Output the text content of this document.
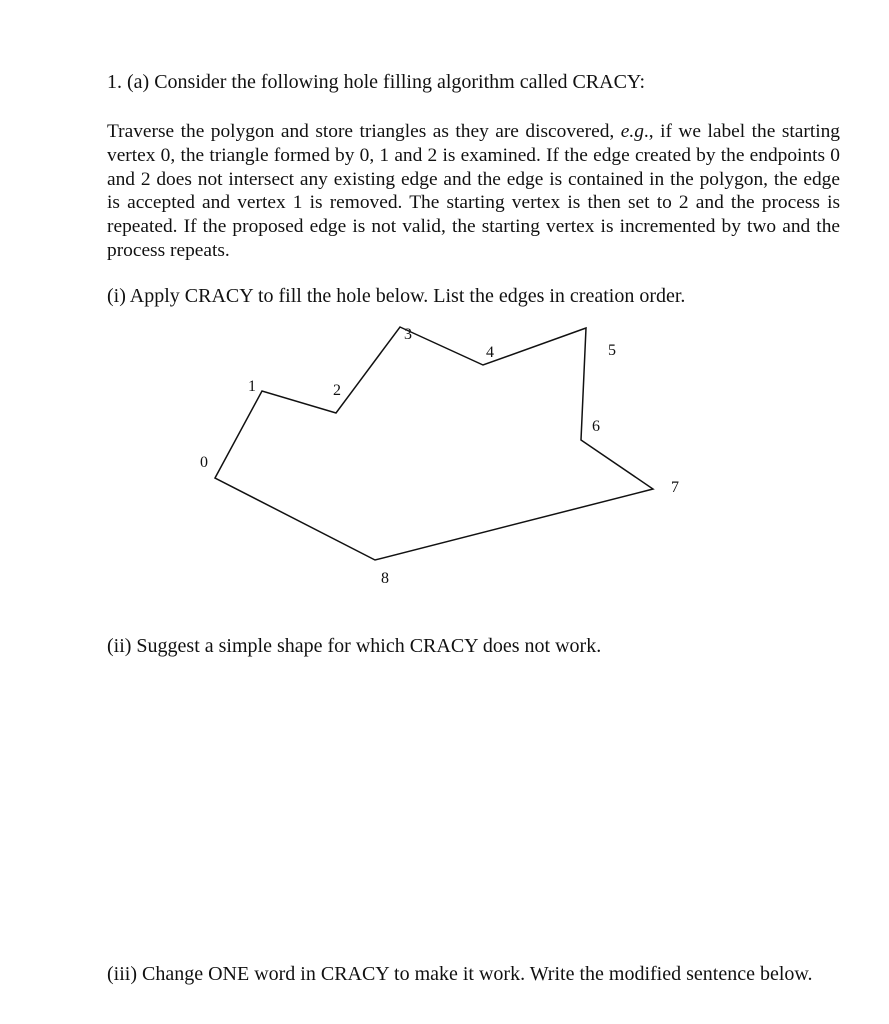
1. (a) Consider the following hole filling algorithm called CRACY:

Traverse the polygon and store triangles as they are discovered, e.g., if we label the starting vertex 0, the triangle formed by 0, 1 and 2 is examined. If the edge created by the endpoints 0 and 2 does not intersect any existing edge and the edge is contained in the polygon, the edge is accepted and vertex 1 is removed. The starting vertex is then set to 2 and the process is repeated. If the proposed edge is not valid, the starting vertex is incremented by two and the process repeats.

(i) Apply CRACY to fill the hole below. List the edges in creation order.
0
1	2
3
4	5
6
7
8
(ii) Suggest a simple shape for which CRACY does not work.
(iii) Change ONE word in CRACY to make it work. Write the modified sentence below.
